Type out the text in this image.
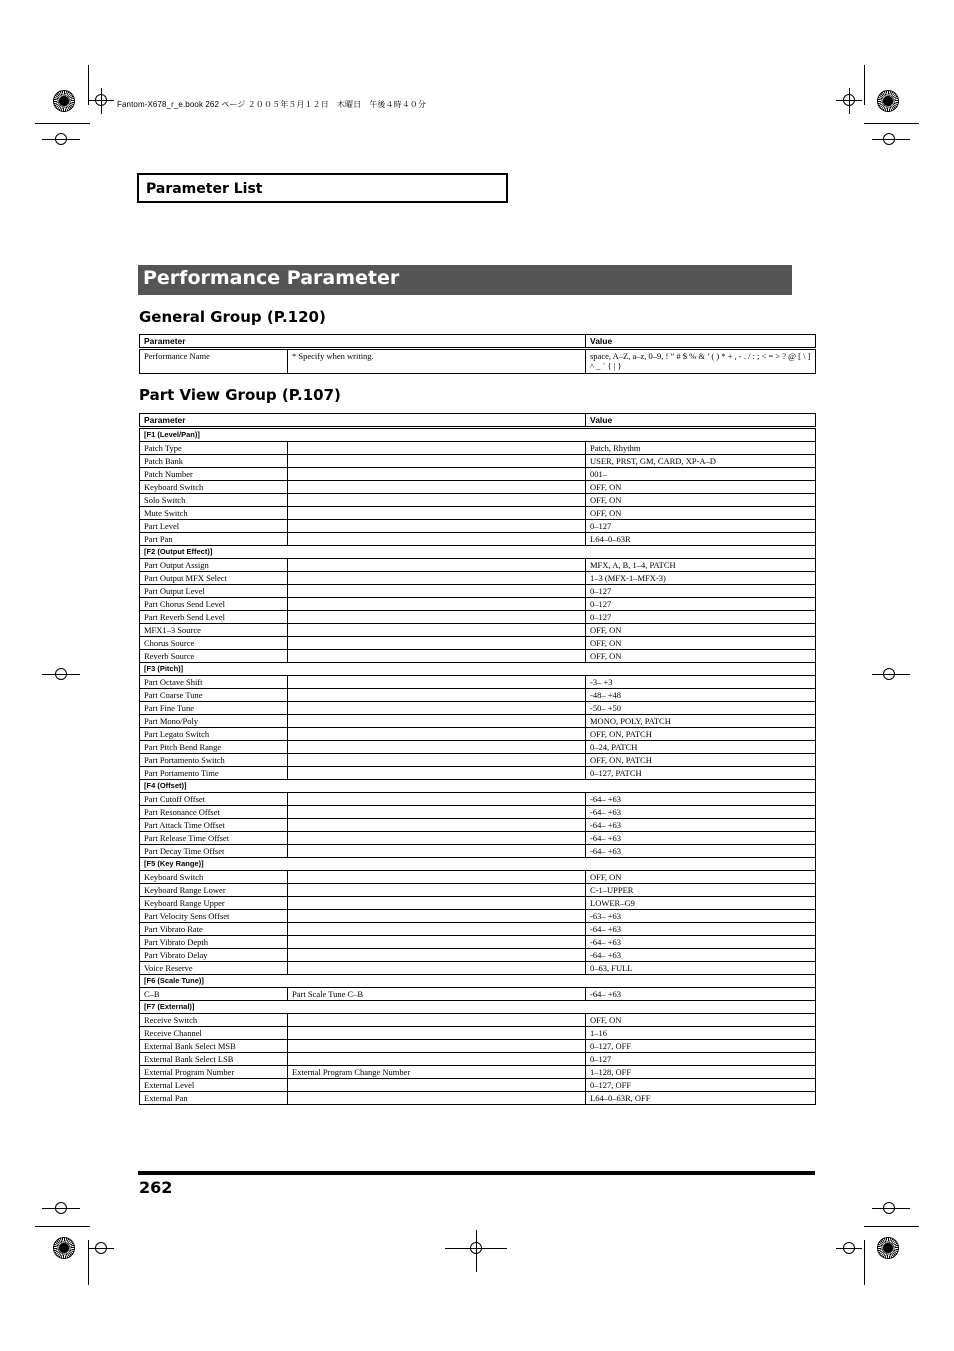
Fantom-X678_r_e.book 262 ページ ２００５年５月１２日　木曜日　午後４時４０分
Parameter List
Performance Parameter
General Group (P.120)
Parameter		Value
Performance Name	* Specify when writing.	space, A–Z, a–z, 0–9, ! ” # $ % & ’ ( ) * + , - . / : ; < = > ? @ [ \ ] ^ _ ` { | }
Part View Group (P.107)
Parameter		Value
[F1 (Level/Pan)]		
Patch Type		Patch, Rhythm
Patch Bank		USER, PRST, GM, CARD, XP-A–D
Patch Number		001–
Keyboard Switch		OFF, ON
Solo Switch		OFF, ON
Mute Switch		OFF, ON
Part Level		0–127
Part Pan		L64–0–63R
[F2 (Output Effect)]		
Part Output Assign		MFX, A, B, 1–4, PATCH
Part Output MFX Select		1–3 (MFX-1–MFX-3)
Part Output Level		0–127
Part Chorus Send Level		0–127
Part Reverb Send Level		0–127
MFX1–3 Source		OFF, ON
Chorus Source		OFF, ON
Reverb Source		OFF, ON
[F3 (Pitch)]		
Part Octave Shift		-3– +3
Part Coarse Tune		-48– +48
Part Fine Tune		-50– +50
Part Mono/Poly		MONO, POLY, PATCH
Part Legato Switch		OFF, ON, PATCH
Part Pitch Bend Range		0–24, PATCH
Part Portamento Switch		OFF, ON, PATCH
Part Portamento Time		0–127, PATCH
[F4 (Offset)]		
Part Cutoff Offset		-64– +63
Part Resonance Offset		-64– +63
Part Attack Time Offset		-64– +63
Part Release Time Offset		-64– +63
Part Decay Time Offset		-64– +63
[F5 (Key Range)]		
Keyboard Switch		OFF, ON
Keyboard Range Lower		C-1–UPPER
Keyboard Range Upper		LOWER–G9
Part Velocity Sens Offset		-63– +63
Part Vibrato Rate		-64– +63
Part Vibrato Depth		-64– +63
Part Vibrato Delay		-64– +63
Voice Reserve		0–63, FULL
[F6 (Scale Tune)]		
C–B	Part Scale Tune C–B	-64– +63
[F7 (External)]		
Receive Switch		OFF, ON
Receive Channel		1–16
External Bank Select MSB		0–127, OFF
External Bank Select LSB		0–127
External Program Number	External Program Change Number	1–128, OFF
External Level		0–127, OFF
External Pan		L64–0–63R, OFF
262
